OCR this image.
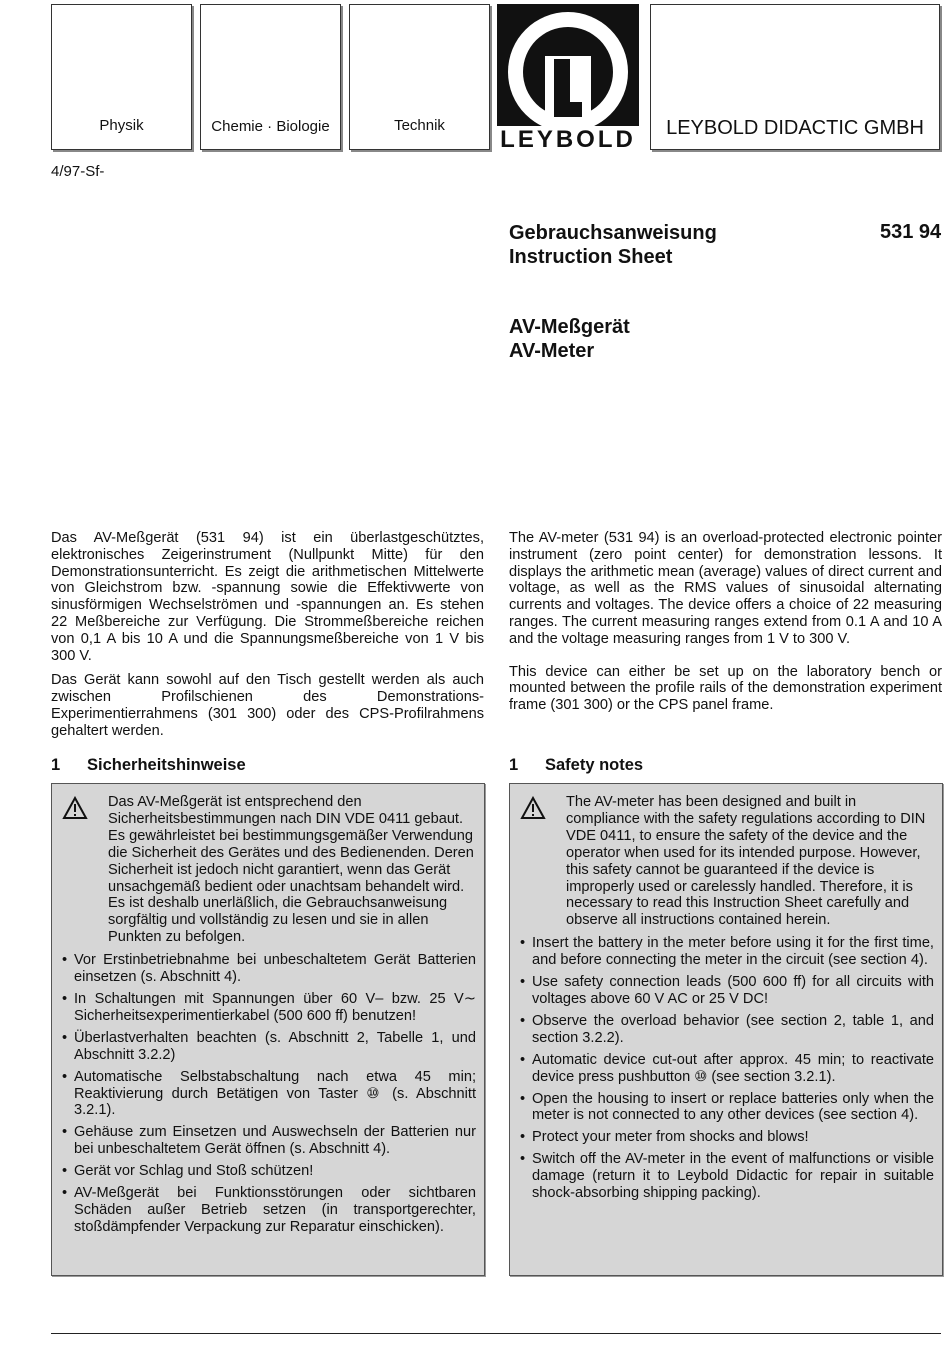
Physik	Chemie · Biologie	Technik
LEYBOLD	LEYBOLD DIDACTIC GMBH
4/97-Sf-
Gebrauchsanweisung
Instruction Sheet
531 94
AV-Meßgerät
AV-Meter

Das AV-Meßgerät (531 94) ist ein überlastgeschütztes, elektronisches Zeigerinstrument (Nullpunkt Mitte) für den Demonstrationsunterricht. Es zeigt die arithmetischen Mittelwerte von Gleichstrom bzw. -spannung sowie die Effektivwerte von sinusförmigen Wechselströmen und -spannungen an. Es stehen 22 Meßbereiche zur Verfügung. Die Strommeßbereiche reichen von 0,1 A bis 10 A und die Spannungsmeßbereiche von 1 V bis 300 V.

Das Gerät kann sowohl auf den Tisch gestellt werden als auch zwischen Profilschienen des Demonstrations-Experimentierrahmens (301 300) oder des CPS-Profilrahmens gehaltert werden.

The AV-meter (531 94) is an overload-protected electronic pointer instrument (zero point center) for demonstration lessons. It displays the arithmetic mean (average) values of direct current and voltage, as well as the RMS values of sinusoidal alternating currents and voltages. The device offers a choice of 22 measuring ranges. The current measuring ranges extend from 0.1 A and 10 A and the voltage measuring ranges from 1 V to 300 V.

This device can either be set up on the laboratory bench or mounted between the profile rails of the demonstration experiment frame (301 300) or the CPS panel frame.

1 Sicherheitshinweise	1 Safety notes

Das AV-Meßgerät ist entsprechend den Sicherheitsbestimmungen nach DIN VDE 0411 gebaut. Es gewährleistet bei bestimmungsgemäßer Verwendung die Sicherheit des Gerätes und des Bedienenden. Deren Sicherheit ist jedoch nicht garantiert, wenn das Gerät unsachgemäß bedient oder unachtsam behandelt wird. Es ist deshalb unerläßlich, die Gebrauchsanweisung sorgfältig und vollständig zu lesen und sie in allen Punkten zu befolgen.

• Vor Erstinbetriebnahme bei unbeschaltetem Gerät Batterien einsetzen (s. Abschnitt 4).
• In Schaltungen mit Spannungen über 60 V– bzw. 25 V∼ Sicherheitsexperimentierkabel (500 600 ff) benutzen!
• Überlastverhalten beachten (s. Abschnitt 2, Tabelle 1, und Abschnitt 3.2.2)
• Automatische Selbstabschaltung nach etwa 45 min; Reaktivierung durch Betätigen von Taster ⑩ (s. Abschnitt 3.2.1).
• Gehäuse zum Einsetzen und Auswechseln der Batterien nur bei unbeschaltetem Gerät öffnen (s. Abschnitt 4).
• Gerät vor Schlag und Stoß schützen!
• AV-Meßgerät bei Funktionsstörungen oder sichtbaren Schäden außer Betrieb setzen (in transportgerechter, stoßdämpfender Verpackung zur Reparatur einschicken).

The AV-meter has been designed and built in compliance with the safety regulations according to DIN VDE 0411, to ensure the safety of the device and the operator when used for its intended purpose. However, this safety cannot be guaranteed if the device is improperly used or carelessly handled. Therefore, it is necessary to read this Instruction Sheet carefully and observe all instructions contained herein.

• Insert the battery in the meter before using it for the first time, and before connecting the meter in the circuit (see section 4).
• Use safety connection leads (500 600 ff) for all circuits with voltages above 60 V AC or 25 V DC!
• Observe the overload behavior (see section 2, table 1, and section 3.2.2).
• Automatic device cut-out after approx. 45 min; to reactivate device press pushbutton ⑩ (see section 3.2.1).
• Open the housing to insert or replace batteries only when the meter is not connected to any other devices (see section 4).
• Protect your meter from shocks and blows!
• Switch off the AV-meter in the event of malfunctions or visible damage (return it to Leybold Didactic for repair in suitable shock-absorbing shipping packing).
